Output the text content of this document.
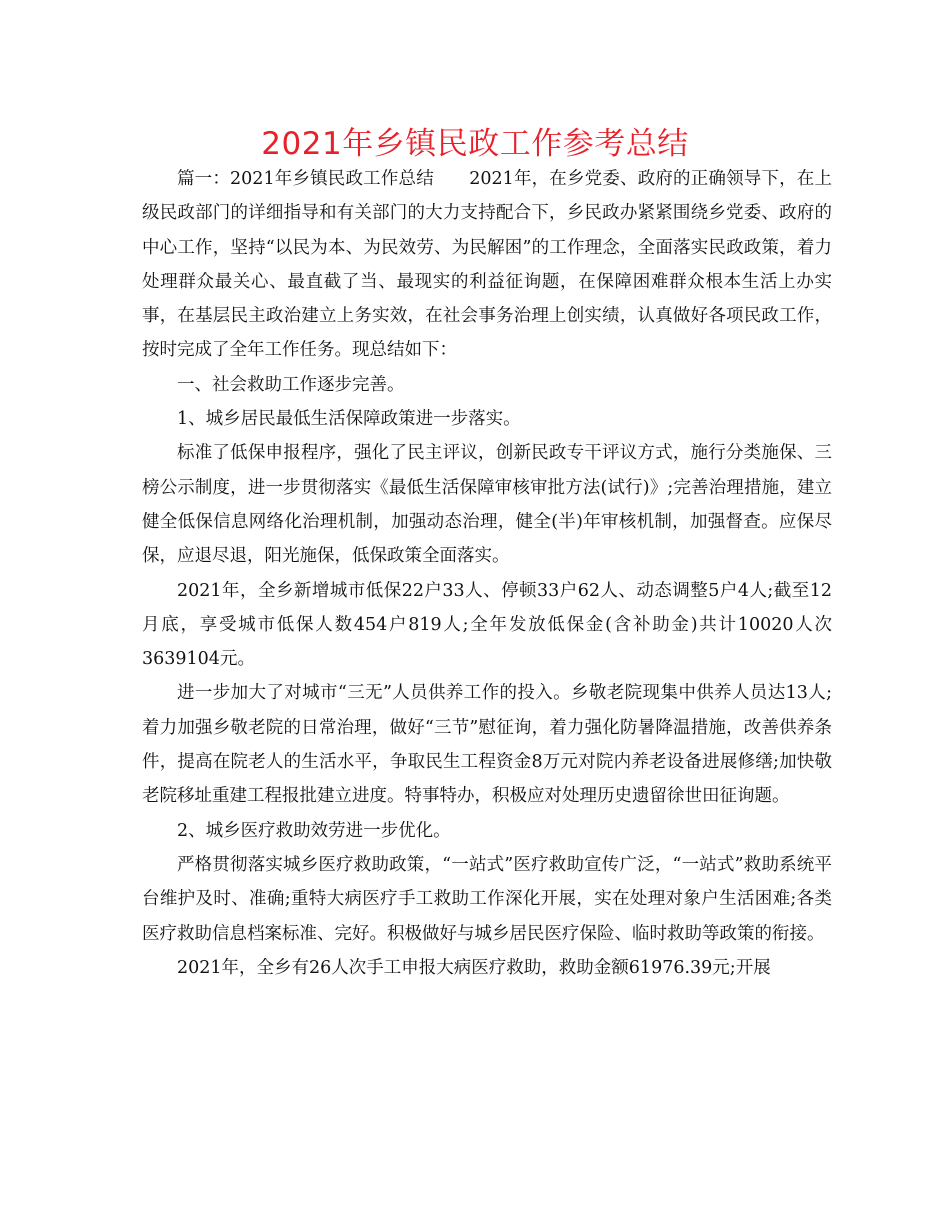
2021年乡镇民政工作参考总结

篇一：2021年乡镇民政工作总结　　2021年，在乡党委、政府的正确领导下，在上级民政部门的详细指导和有关部门的大力支持配合下，乡民政办紧紧围绕乡党委、政府的中心工作，坚持“以民为本、为民效劳、为民解困”的工作理念，全面落实民政政策，着力处理群众最关心、最直截了当、最现实的利益征询题，在保障困难群众根本生活上办实事，在基层民主政治建立上务实效，在社会事务治理上创实绩，认真做好各项民政工作，按时完成了全年工作任务。现总结如下：

一、社会救助工作逐步完善。

1、城乡居民最低生活保障政策进一步落实。

标准了低保申报程序，强化了民主评议，创新民政专干评议方式，施行分类施保、三榜公示制度，进一步贯彻落实《最低生活保障审核审批方法(试行)》;完善治理措施，建立健全低保信息网络化治理机制，加强动态治理，健全(半)年审核机制，加强督查。应保尽保，应退尽退，阳光施保，低保政策全面落实。

2021年，全乡新增城市低保22户33人、停顿33户62人、动态调整5户4人;截至12月底，享受城市低保人数454户819人;全年发放低保金(含补助金)共计10020人次3639104元。

进一步加大了对城市“三无”人员供养工作的投入。乡敬老院现集中供养人员达13人;着力加强乡敬老院的日常治理，做好“三节”慰征询，着力强化防暑降温措施，改善供养条件，提高在院老人的生活水平，争取民生工程资金8万元对院内养老设备进展修缮;加快敬老院移址重建工程报批建立进度。特事特办，积极应对处理历史遗留徐世田征询题。

2、城乡医疗救助效劳进一步优化。

严格贯彻落实城乡医疗救助政策，“一站式”医疗救助宣传广泛，“一站式”救助系统平台维护及时、准确;重特大病医疗手工救助工作深化开展，实在处理对象户生活困难;各类医疗救助信息档案标准、完好。积极做好与城乡居民医疗保险、临时救助等政策的衔接。

2021年，全乡有26人次手工申报大病医疗救助，救助金额61976.39元;开展
